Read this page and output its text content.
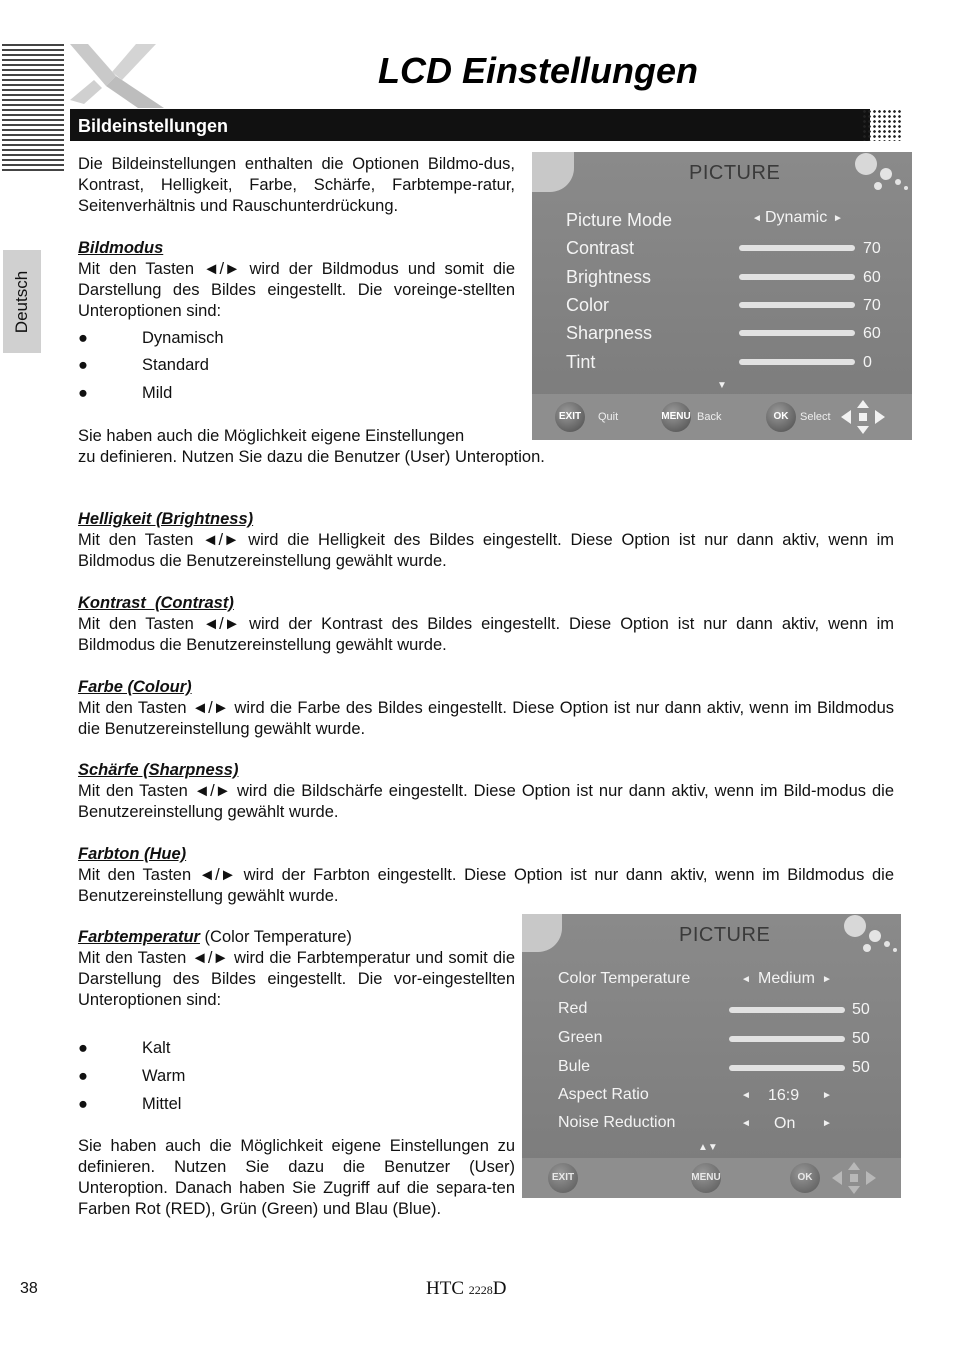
LCD Einstellungen
Bildeinstellungen
Deutsch
Die Bildeinstellungen enthalten die Optionen Bildmo-dus, Kontrast, Helligkeit, Farbe, Schärfe, Farbtempe-ratur, Seitenverhältnis und Rauschunterdrückung.
Bildmodus
Mit den Tasten ◄/► wird der Bildmodus und somit die Darstellung des Bildes eingestellt. Die voreinge-stellten Unteroptionen sind:
●	Dynamisch
●	Standard
●	Mild
Sie haben auch die Möglichkeit eigene Einstellungen
zu definieren. Nutzen Sie dazu die Benutzer (User) Unteroption.
PICTURE
Picture Mode	◄ Dynamic ►
Contrast	70
Brightness	60
Color	70
Sharpness	60
Tint	0
▼
EXIT	Quit	MENU Back	OK	Select
Helligkeit (Brightness)
Mit den Tasten ◄/► wird die Helligkeit des Bildes eingestellt. Diese Option ist nur dann aktiv, wenn im Bildmodus die Benutzereinstellung gewählt wurde.
Kontrast  (Contrast)
Mit den Tasten ◄/► wird der Kontrast des Bildes eingestellt. Diese Option ist nur dann aktiv, wenn im Bildmodus die Benutzereinstellung gewählt wurde.
Farbe (Colour)
Mit den Tasten ◄/► wird die Farbe des Bildes eingestellt. Diese Option ist nur dann aktiv, wenn im Bildmodus die Benutzereinstellung gewählt wurde.
Schärfe (Sharpness)
Mit den Tasten ◄/► wird die Bildschärfe eingestellt. Diese Option ist nur dann aktiv, wenn im Bild-modus die Benutzereinstellung gewählt wurde.
Farbton (Hue)
Mit den Tasten ◄/► wird der Farbton eingestellt. Diese Option ist nur dann aktiv, wenn im Bildmodus die Benutzereinstellung gewählt wurde.
Farbtemperatur (Color Temperature)
Mit den Tasten ◄/► wird die Farbtemperatur und somit die Darstellung des Bildes eingestellt. Die vor-eingestellten Unteroptionen sind:
●	Kalt
●	Warm
●	Mittel
Sie haben auch die Möglichkeit eigene Einstellungen zu definieren. Nutzen Sie dazu die Benutzer (User) Unteroption. Danach haben Sie Zugriff auf die separa-ten Farben Rot (RED), Grün (Green) und Blau (Blue).
PICTURE
Color Temperature	◄ Medium ►
Red	50
Green	50
Bule	50
Aspect Ratio	◄ 16:9 ►
Noise Reduction	◄ On	►
▲▼
EXIT	MENU	OK
38	HTC 2228D
